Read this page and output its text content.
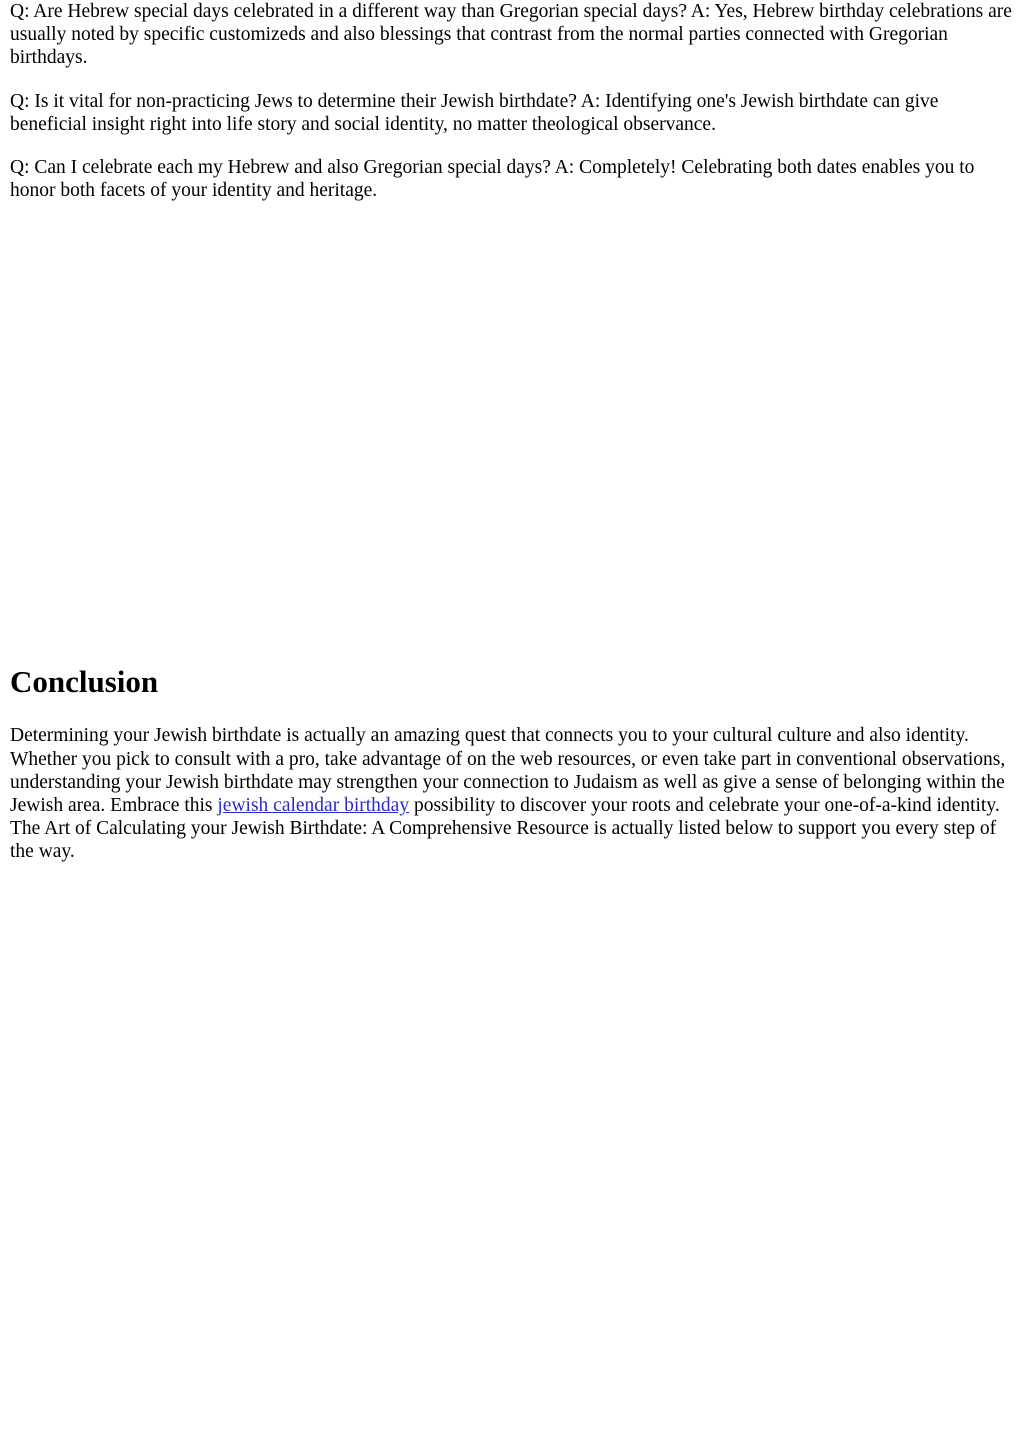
Q: Are Hebrew special days celebrated in a different way than Gregorian special days? A: Yes, Hebrew birthday celebrations are usually noted by specific customizeds and also blessings that contrast from the normal parties connected with Gregorian birthdays.

Q: Is it vital for non-practicing Jews to determine their Jewish birthdate? A: Identifying one's Jewish birthdate can give beneficial insight right into life story and social identity, no matter theological observance.

Q: Can I celebrate each my Hebrew and also Gregorian special days? A: Completely! Celebrating both dates enables you to honor both facets of your identity and heritage.

Conclusion

Determining your Jewish birthdate is actually an amazing quest that connects you to your cultural culture and also identity. Whether you pick to consult with a pro, take advantage of on the web resources, or even take part in conventional observations, understanding your Jewish birthdate may strengthen your connection to Judaism as well as give a sense of belonging within the Jewish area. Embrace this jewish calendar birthday possibility to discover your roots and celebrate your one-of-a-kind identity. The Art of Calculating your Jewish Birthdate: A Comprehensive Resource is actually listed below to support you every step of the way.
